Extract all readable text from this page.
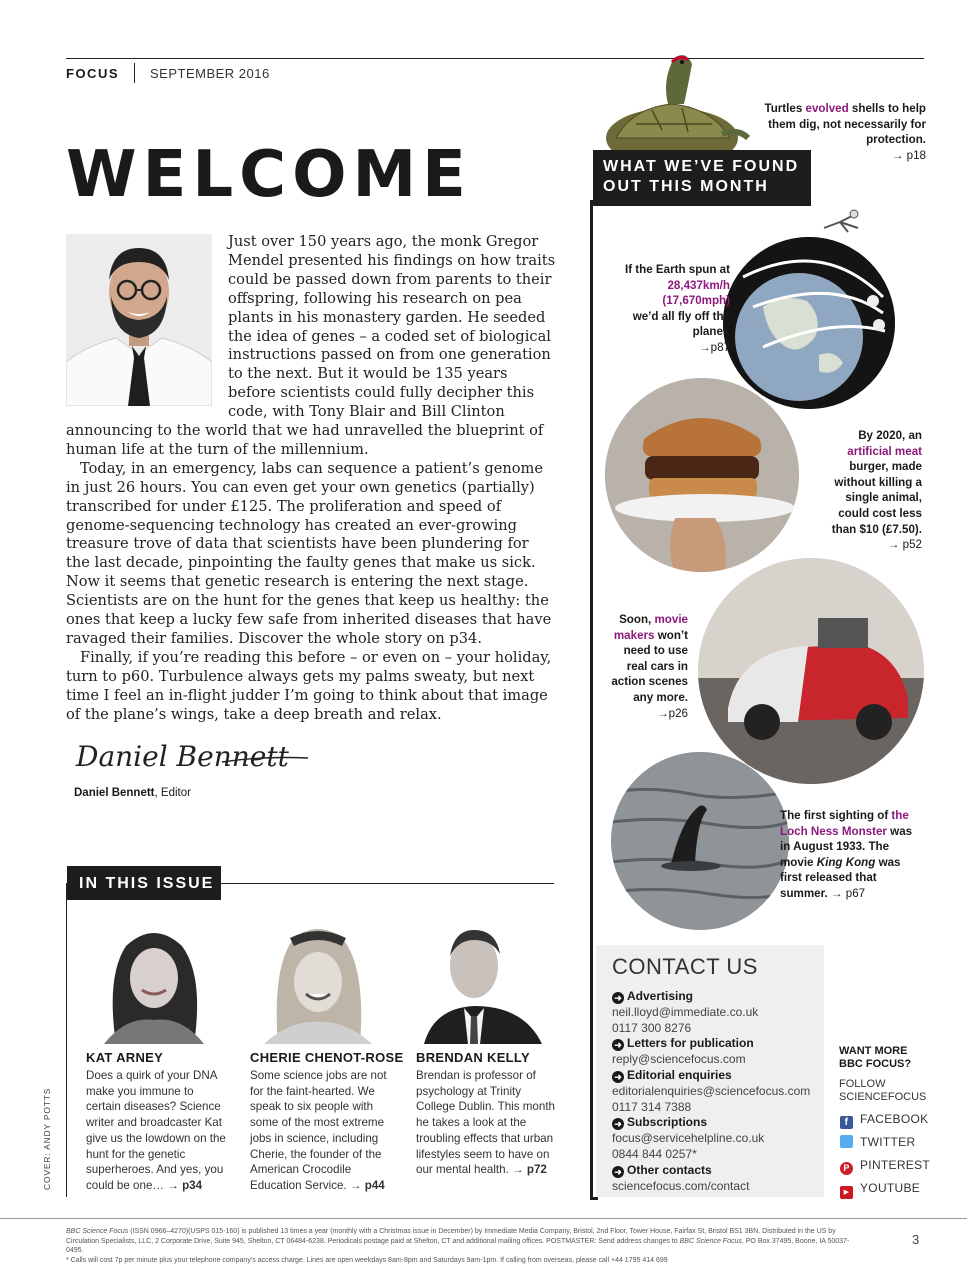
FOCUS SEPTEMBER 2016
WELCOME
Just over 150 years ago, the monk Gregor Mendel presented his findings on how traits could be passed down from parents to their offspring, following his research on pea plants in his monastery garden. He seeded the idea of genes – a coded set of biological instructions passed on from one generation to the next. But it would be 135 years before scientists could fully decipher this code, with Tony Blair and Bill Clinton

announcing to the world that we had unravelled the blueprint of human life at the turn of the millennium.

Today, in an emergency, labs can sequence a patient’s genome in just 26 hours. You can even get your own genetics (partially) transcribed for under £125. The proliferation and speed of genome-sequencing technology has created an ever-growing treasure trove of data that scientists have been plundering for the last decade, pinpointing the faulty genes that make us sick. Now it seems that genetic research is entering the next stage. Scientists are on the hunt for the genes that keep us healthy: the ones that keep a lucky few safe from inherited diseases that have ravaged their families. Discover the whole story on p34.

Finally, if you’re reading this before – or even on – your holiday, turn to p60. Turbulence always gets my palms sweaty, but next time I feel an in-flight judder I’m going to think about that image of the plane’s wings, take a deep breath and relax.

Daniel Bennett
Daniel Bennett, Editor
IN THIS ISSUE
KAT ARNEY	CHERIE CHENOT-ROSE BRENDAN KELLY
Does a quirk of your DNA make you immune to certain diseases? Science writer and broadcaster Kat give us the lowdown on the hunt for the genetic superheroes. And yes, you could be one… → p34
Some science jobs are not for the faint-hearted. We speak to six people with some of the most extreme jobs in science, including Cherie, the founder of the American Crocodile Education Service. → p44
Brendan is professor of psychology at Trinity College Dublin. This month he takes a look at the troubling effects that urban lifestyles seem to have on our mental health. → p72
COVER: ANDY POTTS
WHAT WE’VE FOUND
OUT THIS MONTH
Turtles evolved shells to help them dig, not necessarily for protection.
→ p18
If the Earth spun at
28,437km/h (17,670mph)
we’d all fly off the planet.
→p87
By 2020, an artificial meat burger, made without killing a single animal, could cost less than $10 (£7.50).
→ p52
Soon, movie makers won’t need to use real cars in action scenes any more.
→p26
The first sighting of the Loch Ness Monster was in August 1933. The movie King Kong was first released that summer. → p67
CONTACT US
➜ Advertising
neil.lloyd@immediate.co.uk
0117 300 8276
➜ Letters for publication
reply@sciencefocus.com
➜ Editorial enquiries
editorialenquiries@sciencefocus.com
0117 314 7388
➜ Subscriptions
focus@servicehelpline.co.uk
0844 844 0257*
➜ Other contacts
sciencefocus.com/contact
WANT MORE
BBC FOCUS?
FOLLOW
SCIENCEFOCUS
f FACEBOOK
TWITTER
P PINTEREST
▶ YOUTUBE
BBC Science Focus (ISSN 0966–4270)(USPS 015-160) is published 13 times a year (monthly with a Christmas issue in December) by Immediate Media Company, Bristol, 2nd Floor, Tower House, Fairfax St, Bristol BS1 3BN. Distributed in the US by Circulation Specialists, LLC, 2 Corporate Drive, Suite 945, Shelton, CT 06484-6238. Periodicals postage paid at Shelton, CT and additional mailing offices. POSTMASTER: Send address changes to BBC Science Focus, PO Box 37495, Boone, IA 50037-0495.
* Calls will cost 7p per minute plus your telephone company’s access charge. Lines are open weekdays 8am-8pm and Saturdays 9am-1pm. If calling from overseas, please call +44 1795 414 699
3
